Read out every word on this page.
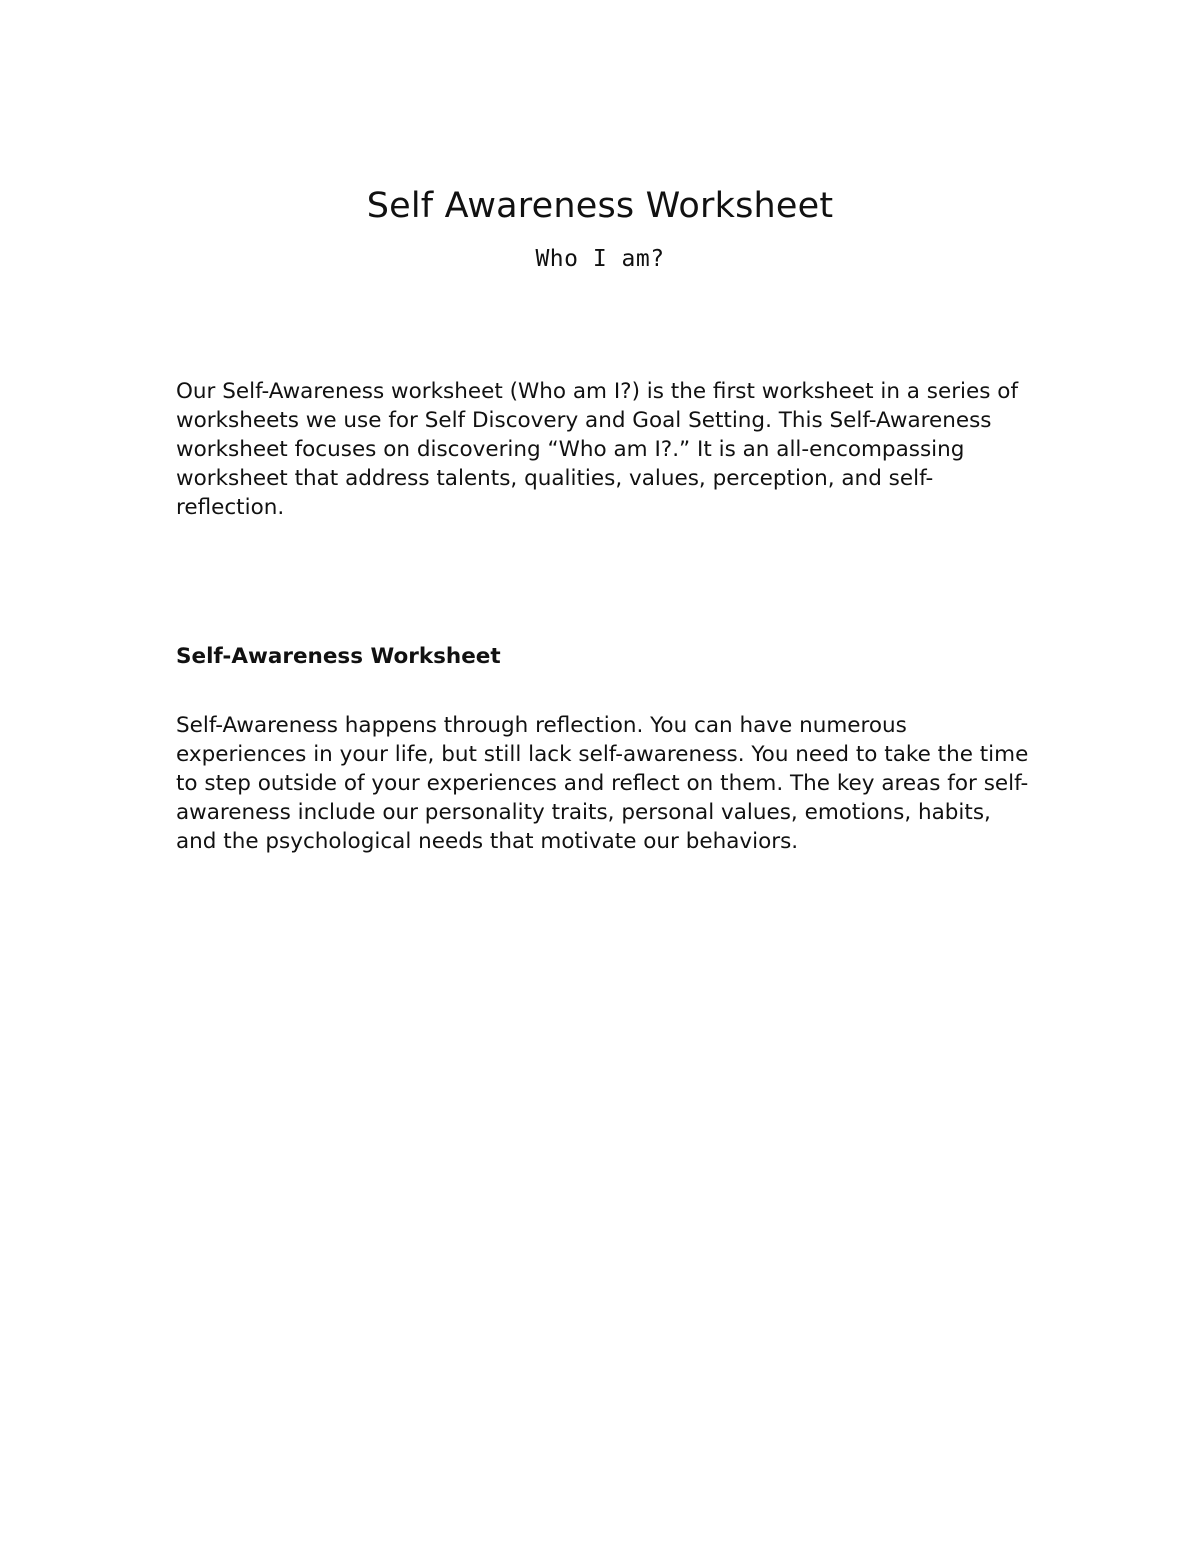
Self Awareness Worksheet
Who I am?

Our Self-Awareness worksheet (Who am I?) is the first worksheet in a series of worksheets we use for Self Discovery and Goal Setting. This Self-Awareness worksheet focuses on discovering “Who am I?.” It is an all-encompassing worksheet that address talents, qualities, values, perception, and self-reflection.

Self-Awareness Worksheet

Self-Awareness happens through reflection. You can have numerous experiences in your life, but still lack self-awareness. You need to take the time to step outside of your experiences and reflect on them. The key areas for self-awareness include our personality traits, personal values, emotions, habits, and the psychological needs that motivate our behaviors.
